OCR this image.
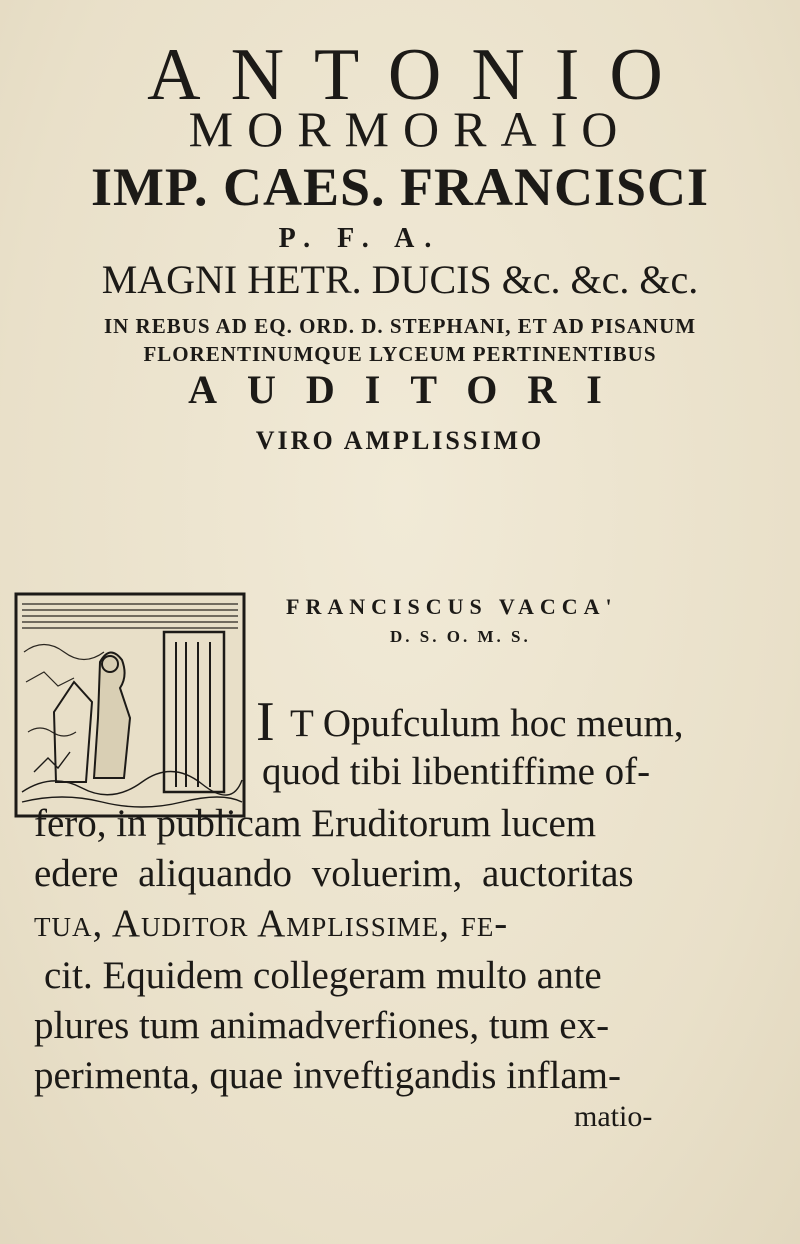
ANTONIO
MORMORAIO
IMP. CAES. FRANCISCI
P. F. A.
MAGNI HETR. DUCIS &c. &c. &c.
IN REBUS AD EQ. ORD. D. STEPHANI, ET AD PISANUM
FLORENTINUMQUE LYCEUM PERTINENTIBUS
AUDITORI
VIRO AMPLISSIMO
FRANCISCUS VACCA'
D. S. O. M. S.
I T Opufculum hoc meum,
quod tibi libentiffime of-
fero, in publicam Eruditorum lucem
edere aliquando voluerim, auctoritas
tua, Auditor Amplissime, fe-
cit. Equidem collegeram multo ante
plures tum animadverfiones, tum ex-
perimenta, quae inveftigandis inflam-
matio-
